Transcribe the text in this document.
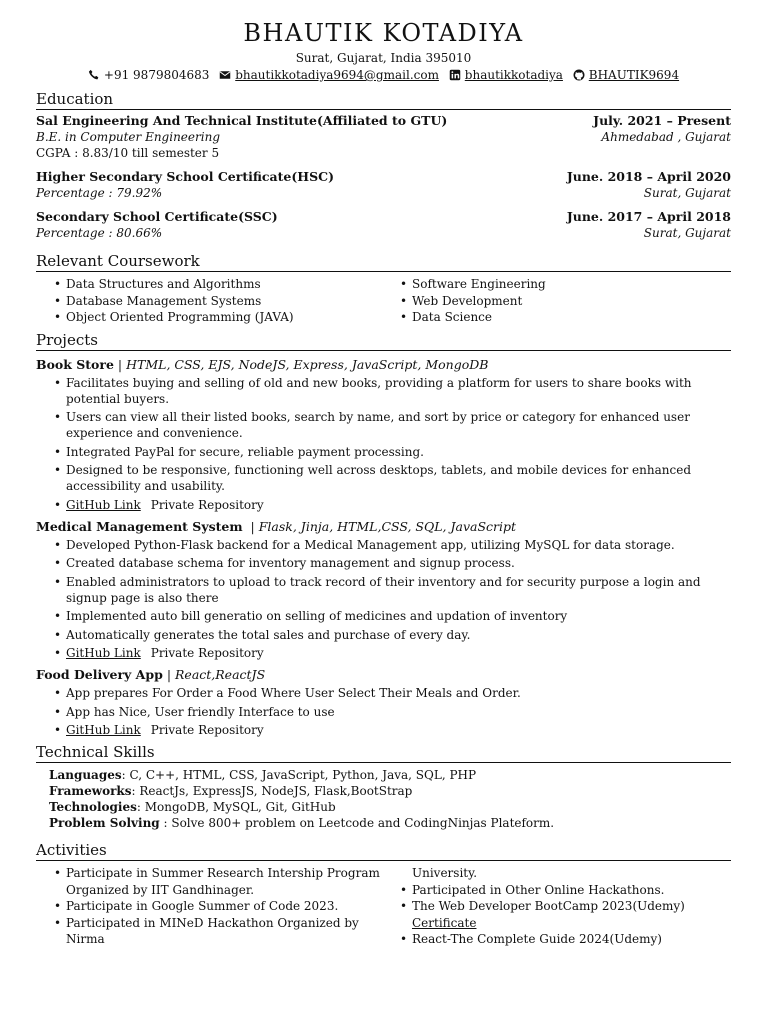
BHAUTIK KOTADIYA
Surat, Gujarat, India 395010
+91 9879804683
bhautikkotadiya9694@gmail.com
bhautikkotadiya
BHAUTIK9694
Education
Sal Engineering And Technical Institute(Affiliated to GTU)	July. 2021 – Present
B.E. in Computer Engineering	Ahmedabad , Gujarat
CGPA : 8.83/10 till semester 5
Higher Secondary School Certificate(HSC)	June. 2018 – April 2020
Percentage : 79.92%	Surat, Gujarat
Secondary School Certificate(SSC)	June. 2017 – April 2018
Percentage : 80.66%	Surat, Gujarat
Relevant Coursework
• Data Structures and Algorithms
• Database Management Systems
• Object Oriented Programming (JAVA)
• Software Engineering
• Web Development
• Data Science
Projects
Book Store | HTML, CSS, EJS, NodeJS, Express, JavaScript, MongoDB
• Facilitates buying and selling of old and new books, providing a platform for users to share books with potential buyers.
• Users can view all their listed books, search by name, and sort by price or category for enhanced user experience and convenience.
• Integrated PayPal for secure, reliable payment processing.
• Designed to be responsive, functioning well across desktops, tablets, and mobile devices for enhanced accessibility and usability.
• GitHub Link Private Repository
Medical Management System  | Flask, Jinja, HTML,CSS, SQL, JavaScript
• Developed Python-Flask backend for a Medical Management app, utilizing MySQL for data storage.
• Created database schema for inventory management and signup process.
• Enabled administrators to upload to track record of their inventory and for security purpose a login and signup page is also there
• Implemented auto bill generatio on selling of medicines and updation of inventory
• Automatically generates the total sales and purchase of every day.
• GitHub Link Private Repository
Food Delivery App | React,ReactJS
• App prepares For Order a Food Where User Select Their Meals and Order.
• App has Nice, User friendly Interface to use
• GitHub Link Private Repository
Technical Skills
Languages: C, C++, HTML, CSS, JavaScript, Python, Java, SQL, PHP
Frameworks: ReactJs, ExpressJS, NodeJS, Flask,BootStrap
Technologies: MongoDB, MySQL, Git, GitHub
Problem Solving : Solve 800+ problem on Leetcode and CodingNinjas Plateform.
Activities
• Participate in Summer Research Intership Program Organized by IIT Gandhinager.
• Participate in Google Summer of Code 2023.
• Participated in MINeD Hackathon Organized by Nirma
University.
• Participated in Other Online Hackathons.
• The Web Developer BootCamp 2023(Udemy) Certificate
• React-The Complete Guide 2024(Udemy)
